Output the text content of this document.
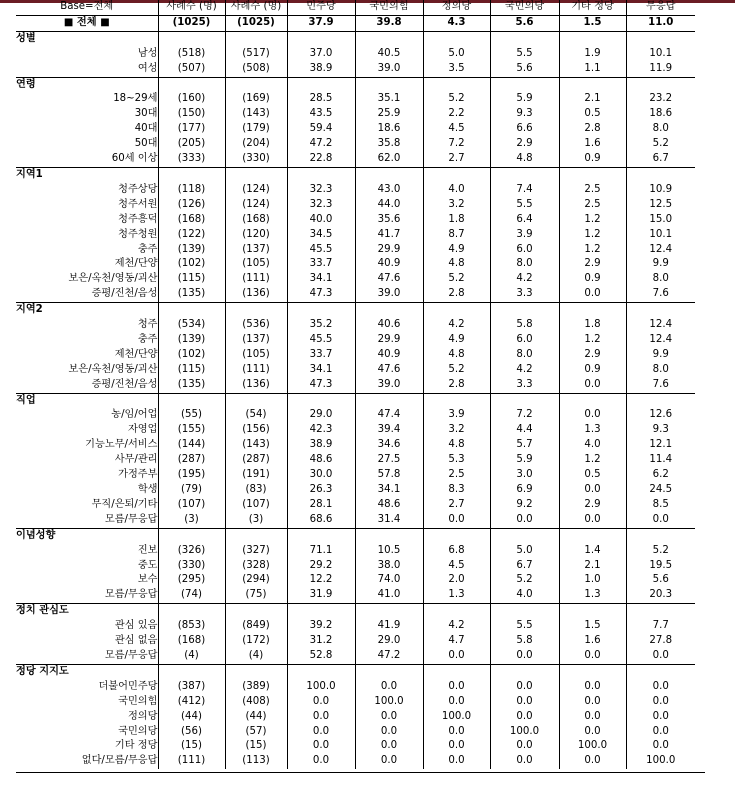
Base=전체	사례수 (명)	사례수 (명)	민주당	국민의힘	정의당	국민의당	기타 정당	무응답
■ 전체 ■	(1025)	(1025)	37.9	39.8	4.3	5.6	1.5	11.0
성별								
남성	(518)	(517)	37.0	40.5	5.0	5.5	1.9	10.1
여성	(507)	(508)	38.9	39.0	3.5	5.6	1.1	11.9
연령								
18~29세	(160)	(169)	28.5	35.1	5.2	5.9	2.1	23.2
30대	(150)	(143)	43.5	25.9	2.2	9.3	0.5	18.6
40대	(177)	(179)	59.4	18.6	4.5	6.6	2.8	8.0
50대	(205)	(204)	47.2	35.8	7.2	2.9	1.6	5.2
60세 이상	(333)	(330)	22.8	62.0	2.7	4.8	0.9	6.7
지역1								
청주상당	(118)	(124)	32.3	43.0	4.0	7.4	2.5	10.9
청주서원	(126)	(124)	32.3	44.0	3.2	5.5	2.5	12.5
청주흥덕	(168)	(168)	40.0	35.6	1.8	6.4	1.2	15.0
청주청원	(122)	(120)	34.5	41.7	8.7	3.9	1.2	10.1
충주	(139)	(137)	45.5	29.9	4.9	6.0	1.2	12.4
제천/단양	(102)	(105)	33.7	40.9	4.8	8.0	2.9	9.9
보은/옥천/영동/괴산	(115)	(111)	34.1	47.6	5.2	4.2	0.9	8.0
증평/진천/음성	(135)	(136)	47.3	39.0	2.8	3.3	0.0	7.6
지역2								
청주	(534)	(536)	35.2	40.6	4.2	5.8	1.8	12.4
충주	(139)	(137)	45.5	29.9	4.9	6.0	1.2	12.4
제천/단양	(102)	(105)	33.7	40.9	4.8	8.0	2.9	9.9
보은/옥천/영동/괴산	(115)	(111)	34.1	47.6	5.2	4.2	0.9	8.0
증평/진천/음성	(135)	(136)	47.3	39.0	2.8	3.3	0.0	7.6
직업								
농/임/어업	(55)	(54)	29.0	47.4	3.9	7.2	0.0	12.6
자영업	(155)	(156)	42.3	39.4	3.2	4.4	1.3	9.3
기능노무/서비스	(144)	(143)	38.9	34.6	4.8	5.7	4.0	12.1
사무/관리	(287)	(287)	48.6	27.5	5.3	5.9	1.2	11.4
가정주부	(195)	(191)	30.0	57.8	2.5	3.0	0.5	6.2
학생	(79)	(83)	26.3	34.1	8.3	6.9	0.0	24.5
무직/은퇴/기타	(107)	(107)	28.1	48.6	2.7	9.2	2.9	8.5
모름/무응답	(3)	(3)	68.6	31.4	0.0	0.0	0.0	0.0
이념성향								
진보	(326)	(327)	71.1	10.5	6.8	5.0	1.4	5.2
중도	(330)	(328)	29.2	38.0	4.5	6.7	2.1	19.5
보수	(295)	(294)	12.2	74.0	2.0	5.2	1.0	5.6
모름/무응답	(74)	(75)	31.9	41.0	1.3	4.0	1.3	20.3
정치 관심도								
관심 있음	(853)	(849)	39.2	41.9	4.2	5.5	1.5	7.7
관심 없음	(168)	(172)	31.2	29.0	4.7	5.8	1.6	27.8
모름/무응답	(4)	(4)	52.8	47.2	0.0	0.0	0.0	0.0
정당 지지도								
더불어민주당	(387)	(389)	100.0	0.0	0.0	0.0	0.0	0.0
국민의힘	(412)	(408)	0.0	100.0	0.0	0.0	0.0	0.0
정의당	(44)	(44)	0.0	0.0	100.0	0.0	0.0	0.0
국민의당	(56)	(57)	0.0	0.0	0.0	100.0	0.0	0.0
기타 정당	(15)	(15)	0.0	0.0	0.0	0.0	100.0	0.0
없다/모름/무응답	(111)	(113)	0.0	0.0	0.0	0.0	0.0	100.0
